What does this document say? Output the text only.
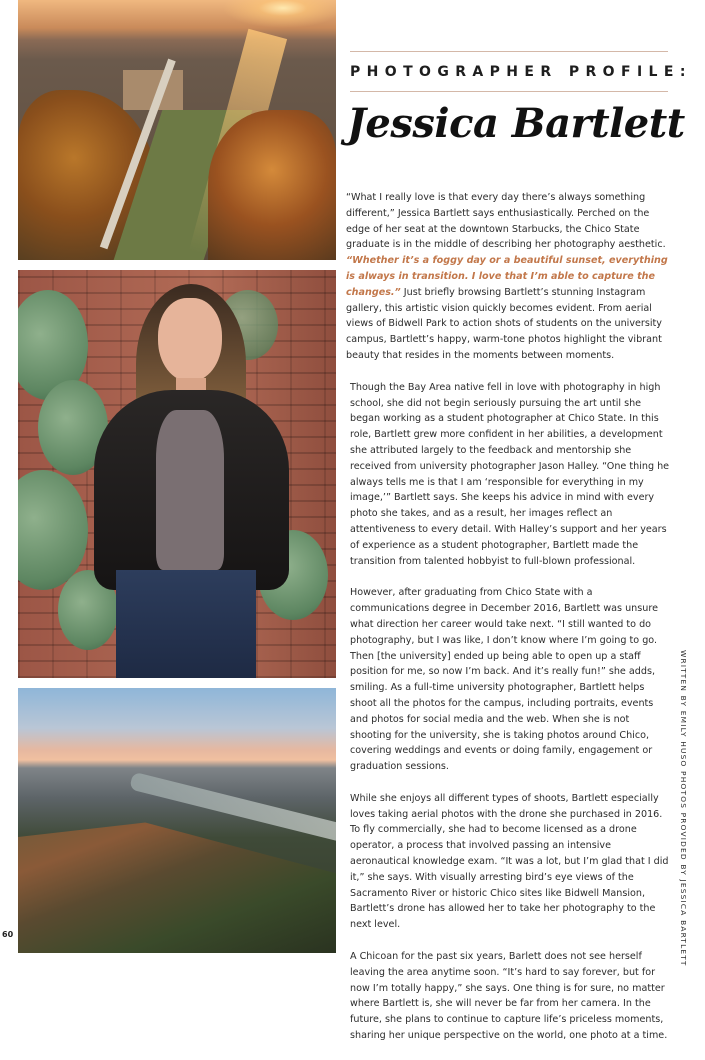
PHOTOGRAPHER PROFILE:
Jessica Bartlett

“What I really love is that every day there’s always something different,” Jessica Bartlett says enthusiastically. Perched on the edge of her seat at the downtown Starbucks, the Chico State graduate is in the middle of describing her photography aesthetic. “Whether it’s a foggy day or a beautiful sunset, everything is always in transition. I love that I’m able to capture the changes.” Just briefly browsing Bartlett’s stunning Instagram gallery, this artistic vision quickly becomes evident. From aerial views of Bidwell Park to action shots of students on the university campus, Bartlett’s happy, warm-tone photos highlight the vibrant beauty that resides in the moments between moments.

Though the Bay Area native fell in love with photography in high school, she did not begin seriously pursuing the art until she began working as a student photographer at Chico State. In this role, Bartlett grew more confident in her abilities, a development she attributed largely to the feedback and mentorship she received from university photographer Jason Halley. “One thing he always tells me is that I am ‘responsible for everything in my image,’” Bartlett says. She keeps his advice in mind with every photo she takes, and as a result, her images reflect an attentiveness to every detail. With Halley’s support and her years of experience as a student photographer, Bartlett made the transition from talented hobbyist to full-blown professional.

However, after graduating from Chico State with a communications degree in December 2016, Bartlett was unsure what direction her career would take next. “I still wanted to do photography, but I was like, I don’t know where I’m going to go. Then [the university] ended up being able to open up a staff position for me, so now I’m back. And it’s really fun!” she adds, smiling. As a full-time university photographer, Bartlett helps shoot all the photos for the campus, including portraits, events and photos for social media and the web. When she is not shooting for the university, she is taking photos around Chico, covering weddings and events or doing family, engagement or graduation sessions.

While she enjoys all different types of shoots, Bartlett especially loves taking aerial photos with the drone she purchased in 2016. To fly commercially, she had to become licensed as a drone operator, a process that involved passing an intensive aeronautical knowledge exam. “It was a lot, but I’m glad that I did it,” she says. With visually arresting bird’s eye views of the Sacramento River or historic Chico sites like Bidwell Mansion, Bartlett’s drone has allowed her to take her photography to the next level.

A Chicoan for the past six years, Barlett does not see herself leaving the area anytime soon. “It’s hard to say forever, but for now I’m totally happy,” she says. One thing is for sure, no matter where Bartlett is, she will never be far from her camera. In the future, she plans to continue to capture life’s priceless moments, sharing her unique perspective on the world, one photo at a time.

WRITTEN BY EMILY HUSO PHOTOS PROVIDED BY JESSICA BARTLETT
60
